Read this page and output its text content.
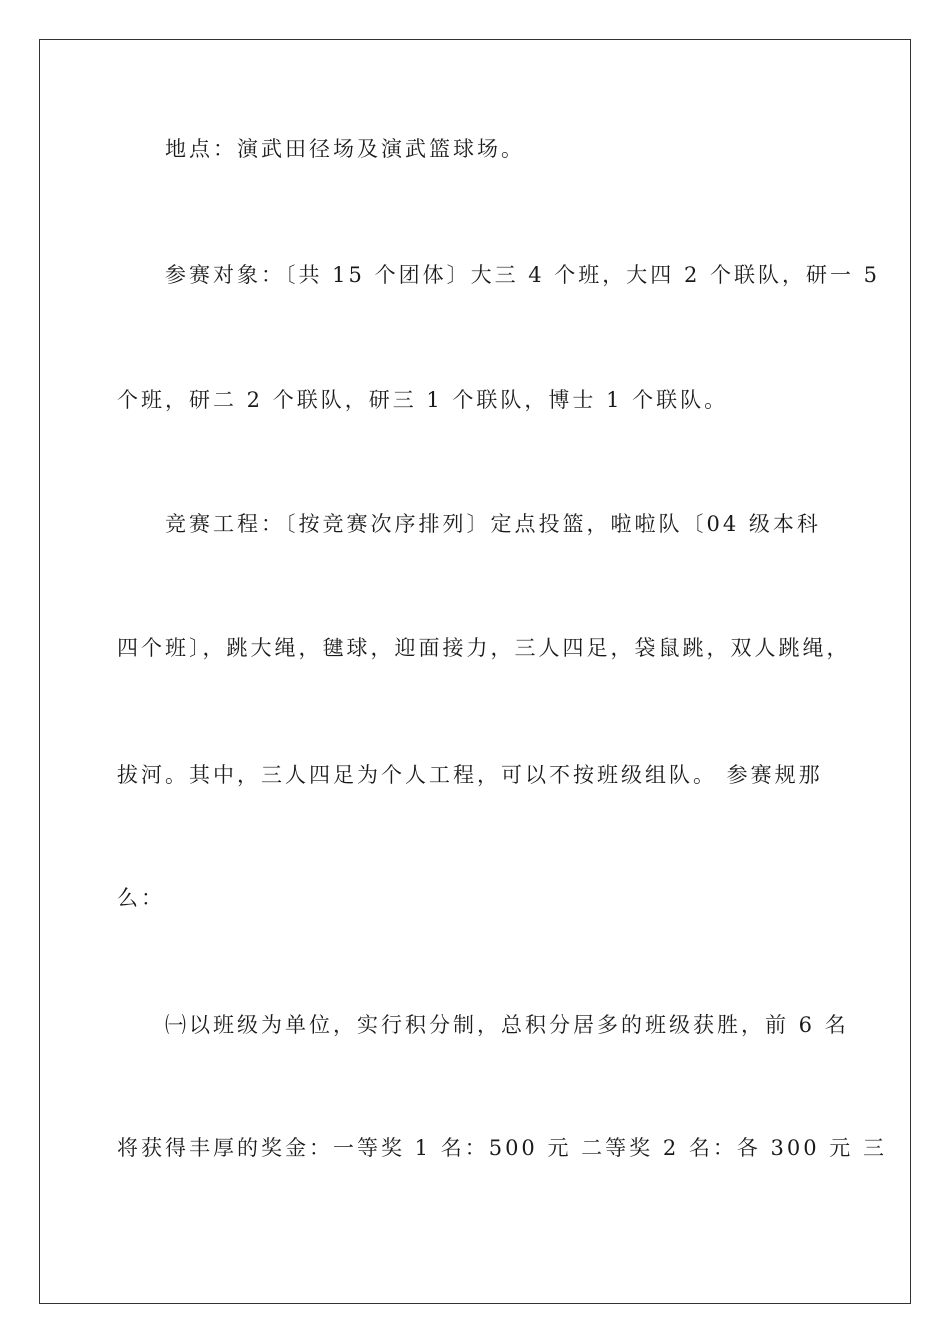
地点：演武田径场及演武篮球场。
参赛对象：〔共 15 个团体〕大三 4 个班，大四 2 个联队，研一 5
个班，研二 2 个联队，研三 1 个联队，博士 1 个联队。
竞赛工程：〔按竞赛次序排列〕定点投篮，啦啦队〔04 级本科
四个班〕，跳大绳，毽球，迎面接力，三人四足，袋鼠跳，双人跳绳，
拔河。其中，三人四足为个人工程，可以不按班级组队。 参赛规那
么：
㈠以班级为单位，实行积分制，总积分居多的班级获胜，前 6 名
将获得丰厚的奖金：一等奖 1 名：500 元 二等奖 2 名：各 300 元 三
